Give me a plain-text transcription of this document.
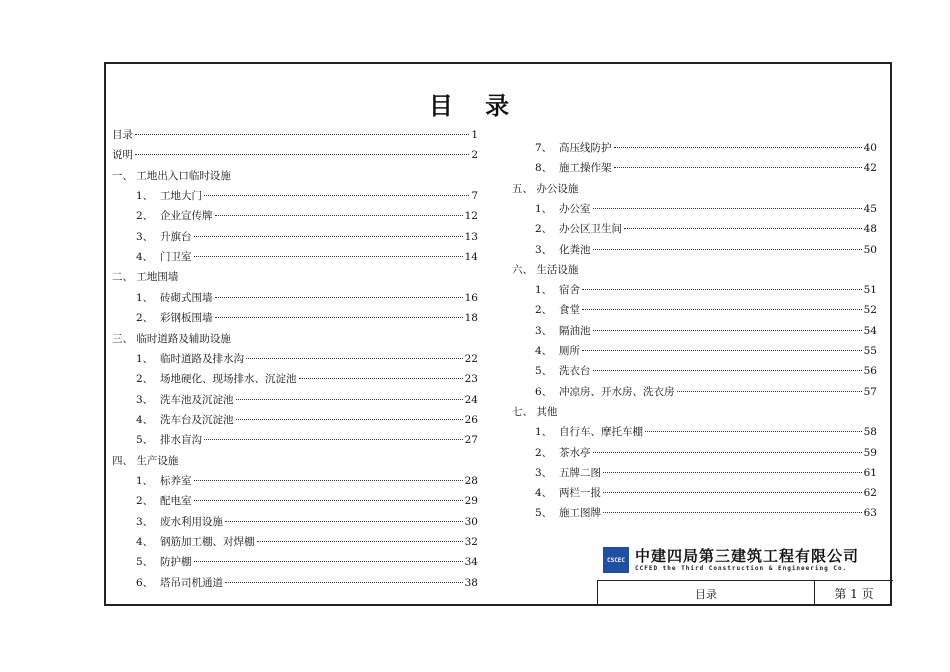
目 录
目录	1
说明	2
一、 工地出入口临时设施
1、 工地大门	7
2、 企业宣传牌	12
3、 升旗台	13
4、 门卫室	14
二、 工地围墙
1、 砖砌式围墙	16
2、 彩钢板围墙	18
三、 临时道路及辅助设施
1、 临时道路及排水沟	22
2、 场地硬化、现场排水、沉淀池	23
3、 洗车池及沉淀池	24
4、 洗车台及沉淀池	26
5、 排水盲沟	27
四、 生产设施
1、 标养室	28
2、 配电室	29
3、 废水利用设施	30
4、 钢筋加工棚、对焊棚	32
5、 防护棚	34
6、 塔吊司机通道	38
7、 高压线防护	40
8、 施工操作架	42
五、 办公设施
1、 办公室	45
2、 办公区卫生间	48
3、 化粪池	50
六、 生活设施
1、 宿舍	51
2、 食堂	52
3、 隔油池	54
4、 厕所	55
5、 洗衣台	56
6、 冲凉房、开水房、洗衣房	57
七、 其他
1、 自行车、摩托车棚	58
2、 茶水亭	59
3、 五牌二图	61
4、 两栏一报	62
5、 施工图牌	63
CSCEC 中建四局第三建筑工程有限公司
CCFED the Third Construction & Engineering Co.
目录	第 1 页
